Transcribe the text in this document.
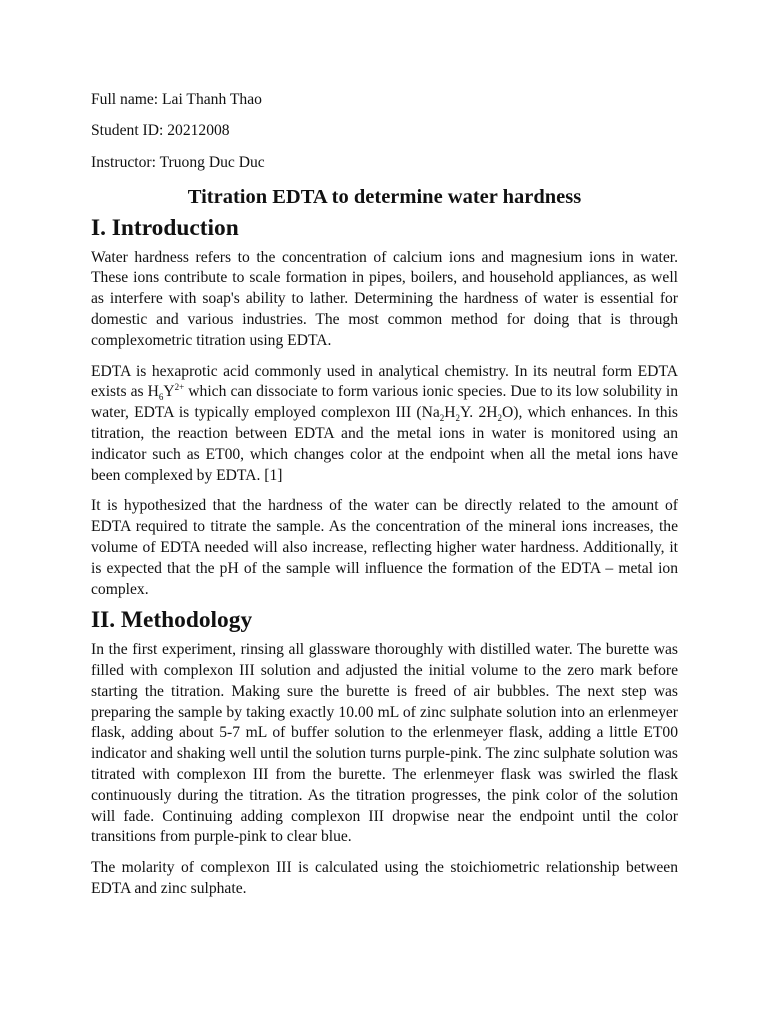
Full name: Lai Thanh Thao

Student ID: 20212008

Instructor: Truong Duc Duc

Titration EDTA to determine water hardness
I. Introduction

Water hardness refers to the concentration of calcium ions and magnesium ions in water. These ions contribute to scale formation in pipes, boilers, and household appliances, as well as interfere with soap's ability to lather. Determining the hardness of water is essential for domestic and various industries. The most common method for doing that is through complexometric titration using EDTA.

EDTA is hexaprotic acid commonly used in analytical chemistry. In its neutral form EDTA exists as $H_6Y^{2+}$ which can dissociate to form various ionic species. Due to its low solubility in water, EDTA is typically employed complexon III ($Na_2H_2Y$. $2H_2O$), which enhances. In this titration, the reaction between EDTA and the metal ions in water is monitored using an indicator such as ET00, which changes color at the endpoint when all the metal ions have been complexed by EDTA. [1]

It is hypothesized that the hardness of the water can be directly related to the amount of EDTA required to titrate the sample. As the concentration of the mineral ions increases, the volume of EDTA needed will also increase, reflecting higher water hardness. Additionally, it is expected that the pH of the sample will influence the formation of the EDTA – metal ion complex.

II. Methodology

In the first experiment, rinsing all glassware thoroughly with distilled water. The burette was filled with complexon III solution and adjusted the initial volume to the zero mark before starting the titration. Making sure the burette is freed of air bubbles. The next step was preparing the sample by taking exactly 10.00 mL of zinc sulphate solution into an erlenmeyer flask, adding about 5-7 mL of buffer solution to the erlenmeyer flask, adding a little ET00 indicator and shaking well until the solution turns purple-pink. The zinc sulphate solution was titrated with complexon III from the burette. The erlenmeyer flask was swirled the flask continuously during the titration. As the titration progresses, the pink color of the solution will fade. Continuing adding complexon III dropwise near the endpoint until the color transitions from purple-pink to clear blue.

The molarity of complexon III is calculated using the stoichiometric relationship between EDTA and zinc sulphate.
